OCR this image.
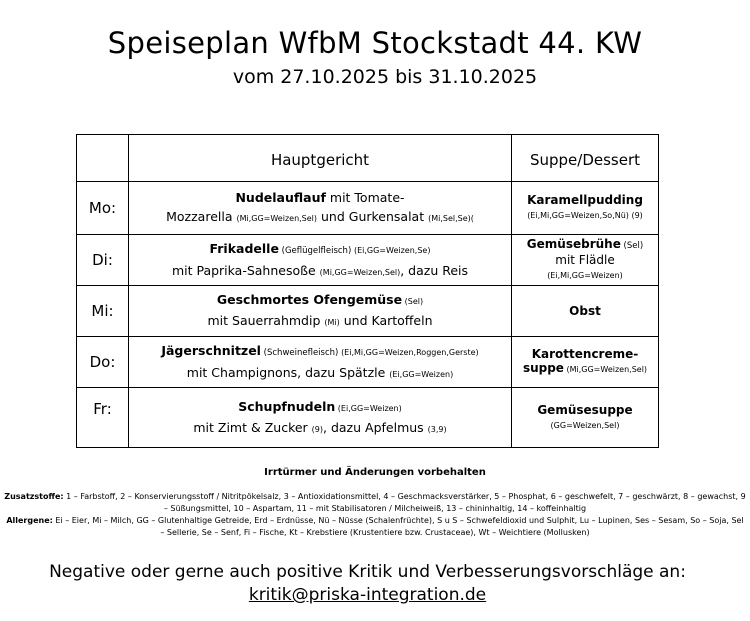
Speiseplan WfbM Stockstadt 44. KW
vom 27.10.2025 bis 31.10.2025
	Hauptgericht	Suppe/Dessert
Mo:	Nudelauflauf mit Tomate-
Mozzarella (Mi,GG=Weizen,Sel) und Gurkensalat (Mi,Sel,Se)(	Karamellpudding
(Ei,Mi,GG=Weizen,So,Nü) (9)
Di:	Frikadelle (Geflügelfleisch) (Ei,GG=Weizen,Se)
mit Paprika-Sahnesoße (Mi,GG=Weizen,Sel), dazu Reis	Gemüsebrühe (Sel)
mit Flädle
(Ei,Mi,GG=Weizen)
Mi:	Geschmortes Ofengemüse (Sel)
mit Sauerrahmdip (Mi) und Kartoffeln	Obst
Do:	Jägerschnitzel (Schweinefleisch) (Ei,Mi,GG=Weizen,Roggen,Gerste)
mit Champignons, dazu Spätzle (Ei,GG=Weizen)	Karottencreme-
suppe (Mi,GG=Weizen,Sel)
Fr:	Schupfnudeln (Ei,GG=Weizen)
mit Zimt & Zucker (9), dazu Apfelmus (3,9)	Gemüsesuppe
(GG=Weizen,Sel)
Irrtürmer und Änderungen vorbehalten
Zusatzstoffe: 1 – Farbstoff, 2 – Konservierungsstoff / Nitritpökelsalz, 3 – Antioxidationsmittel, 4 – Geschmacksverstärker, 5 – Phosphat, 6 – geschwefelt, 7 – geschwärzt, 8 – gewachst, 9 – Süßungsmittel, 10 – Aspartam, 11 – mit Stabilisatoren / Milcheiweiß, 13 – chininhaltig, 14 – koffeinhaltig
Allergene: Ei – Eier, Mi – Milch, GG – Glutenhaltige Getreide, Erd – Erdnüsse, Nü – Nüsse (Schalenfrüchte), S u S – Schwefeldioxid und Sulphit, Lu – Lupinen, Ses – Sesam, So – Soja, Sel – Sellerie, Se – Senf, Fi – Fische, Kt – Krebstiere (Krustentiere bzw. Crustaceae), Wt – Weichtiere (Mollusken)
Negative oder gerne auch positive Kritik und Verbesserungsvorschläge an:
kritik@priska-integration.de
